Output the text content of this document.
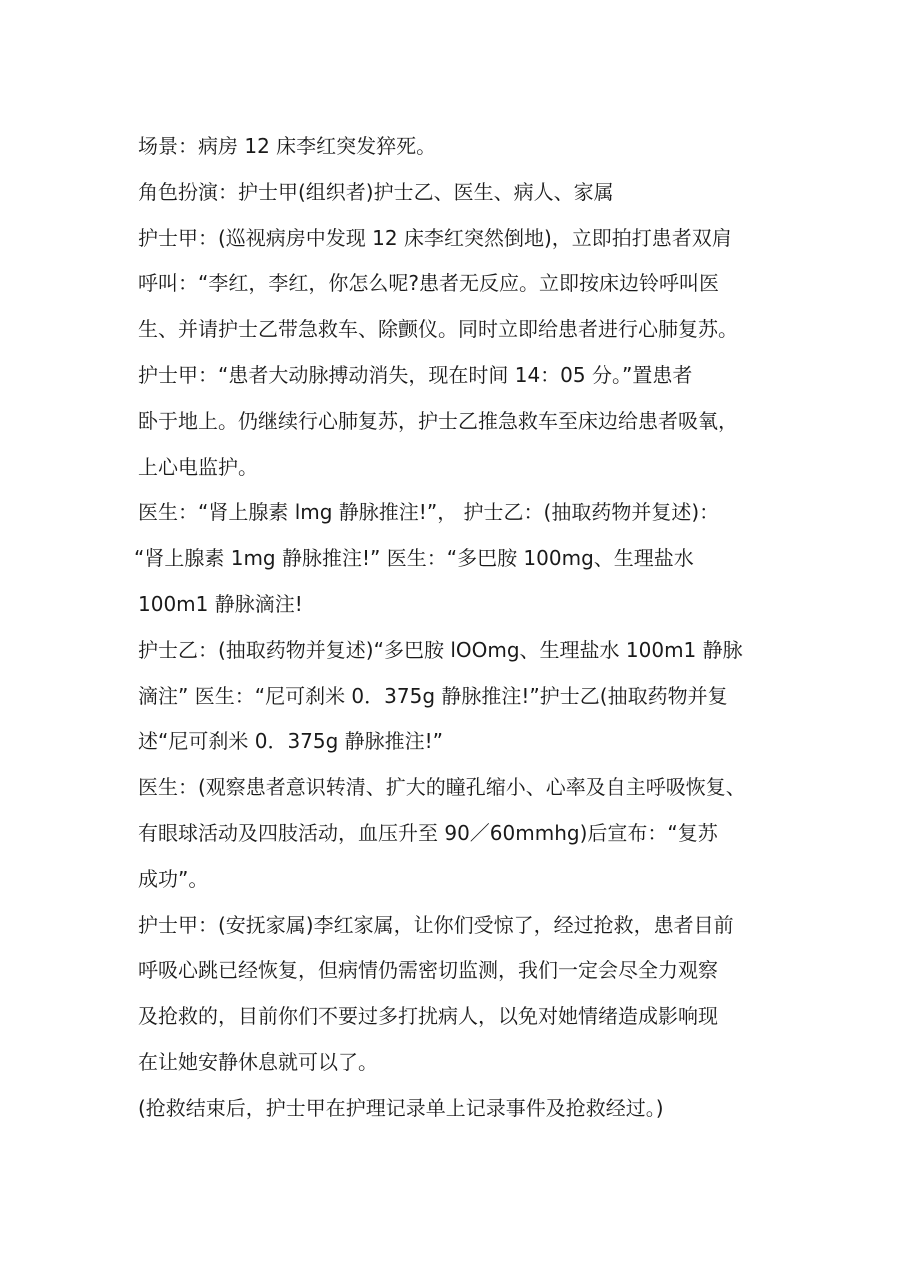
场景：病房 12 床李红突发猝死。
角色扮演：护士甲(组织者)护士乙、医生、病人、家属
护士甲：(巡视病房中发现 12 床李红突然倒地)，立即拍打患者双肩
呼叫：“李红，李红，你怎么呢?患者无反应。立即按床边铃呼叫医
生、并请护士乙带急救车、除颤仪。同时立即给患者进行心肺复苏。
护士甲：“患者大动脉搏动消失，现在时间 14：05 分。”置患者
卧于地上。仍继续行心肺复苏，护士乙推急救车至床边给患者吸氧，
上心电监护。
医生：“肾上腺素 lmg 静脉推注!”， 护士乙：(抽取药物并复述)：
“肾上腺素 1mg 静脉推注!” 医生：“多巴胺 100mg、生理盐水
100m1 静脉滴注!
护士乙：(抽取药物并复述)“多巴胺 lOOmg、生理盐水 100m1 静脉
滴注” 医生：“尼可刹米 0．375g 静脉推注!”护士乙(抽取药物并复
述“尼可刹米 0．375g 静脉推注!”
医生：(观察患者意识转清、扩大的瞳孔缩小、心率及自主呼吸恢复、
有眼球活动及四肢活动，血压升至 90／60mmhg)后宣布：“复苏
成功”。
护士甲：(安抚家属)李红家属，让你们受惊了，经过抢救，患者目前
呼吸心跳已经恢复，但病情仍需密切监测，我们一定会尽全力观察
及抢救的，目前你们不要过多打扰病人，以免对她情绪造成影响现
在让她安静休息就可以了。
(抢救结束后，护士甲在护理记录单上记录事件及抢救经过。)
